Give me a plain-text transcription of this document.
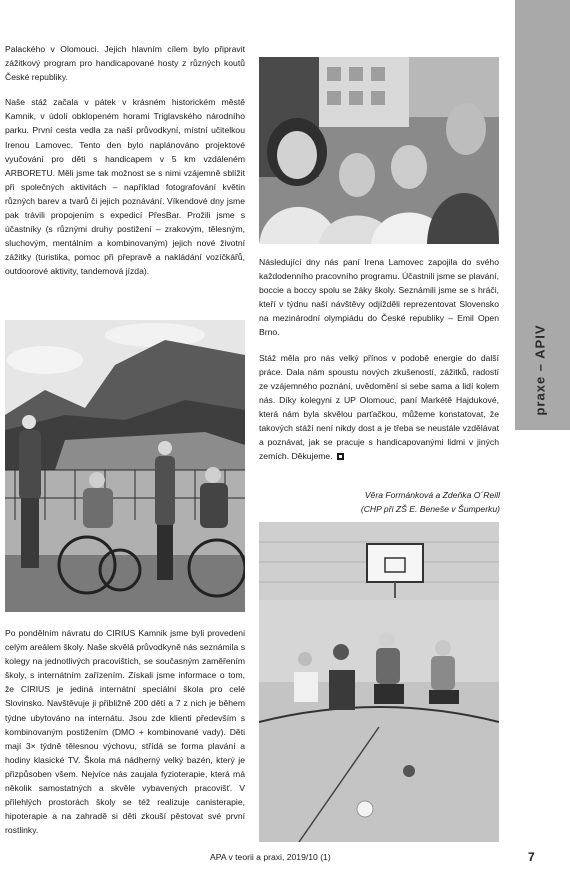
Palackého v Olomouci. Jejich hlavním cílem bylo připravit zážitkový program pro handicapované hosty z různých koutů České republiky.

Naše stáž začala v pátek v krásném historickém městě Kamnik, v údolí obklopeném horami Triglavského národního parku. První cesta vedla za naší průvodkyní, místní učitelkou Irenou Lamovec. Tento den bylo naplánováno projektové vyučování pro děti s handicapem v 5 km vzdáleném ARBORETU. Měli jsme tak možnost se s nimi vzájemně sblížit při společných aktivitách – například fotografování květin různých barev a tvarů či jejich poznávání. Víkendové dny jsme pak trávili propojením s expedicí PřesBar. Prožili jsme s účastníky (s různými druhy postižení – zrakovým, tělesným, sluchovým, mentálním a kombinovaným) jejich nové životní zážitky (turistika, pomoc při přepravě a nakládání vozíčkářů, outdoorové aktivity, tandemová jízda).

Po pondělním návratu do CIRIUS Kamnik jsme byli provedeni celým areálem školy. Naše skvělá průvodkyně nás seznámila s kolegy na jednotlivých pracovištích, se současným zaměřením školy, s internátním zařízením. Získali jsme informace o tom, že CIRIUS je jediná internátní speciální škola pro celé Slovinsko. Navštěvuje ji přibližně 200 dětí a 7 z nich je během týdne ubytováno na internátu. Jsou zde klienti především s kombinovaným postižením (DMO + kombinované vady). Děti mají 3× týdně tělesnou výchovu, střídá se forma plavání a hodiny klasické TV. Škola má nádherný velký bazén, který je přizpůsoben všem. Nejvíce nás zaujala fyzioterapie, která má několik samostatných a skvěle vybavených pracovišť. V přilehlých prostorách školy se též realizuje canisterapie, hipoterapie a na zahradě si děti zkouší pěstovat své první rostlinky.

Následující dny nás paní Irena Lamovec zapojila do svého každodenního pracovního programu. Účastnili jsme se plavání, boccie a boccy spolu se žáky školy. Seznámili jsme se s hráči, kteří v týdnu naší návštěvy odjížděli reprezentovat Slovensko na mezinárodní olympiádu do České republiky – Emil Open Brno.

Stáž měla pro nás velký přínos v podobě energie do další práce. Dala nám spoustu nových zkušeností, zážitků, radostí ze vzájemného poznání, uvědomění si sebe sama a lidí kolem nás. Díky kolegyni z UP Olomouc, paní Markétě Hajdukové, která nám byla skvělou parťačkou, můžeme konstatovat, že takových stáží není nikdy dost a je třeba se neustále vzdělávat a poznávat, jak se pracuje s handicapovanými lidmi v jiných zemích. Děkujeme.

Věra Formánková a Zdeňka O´Reill
(CHP při ZŠ E. Beneše v Šumperku)
praxe – APIV
APA v teorii a praxi, 2019/10 (1)	7
